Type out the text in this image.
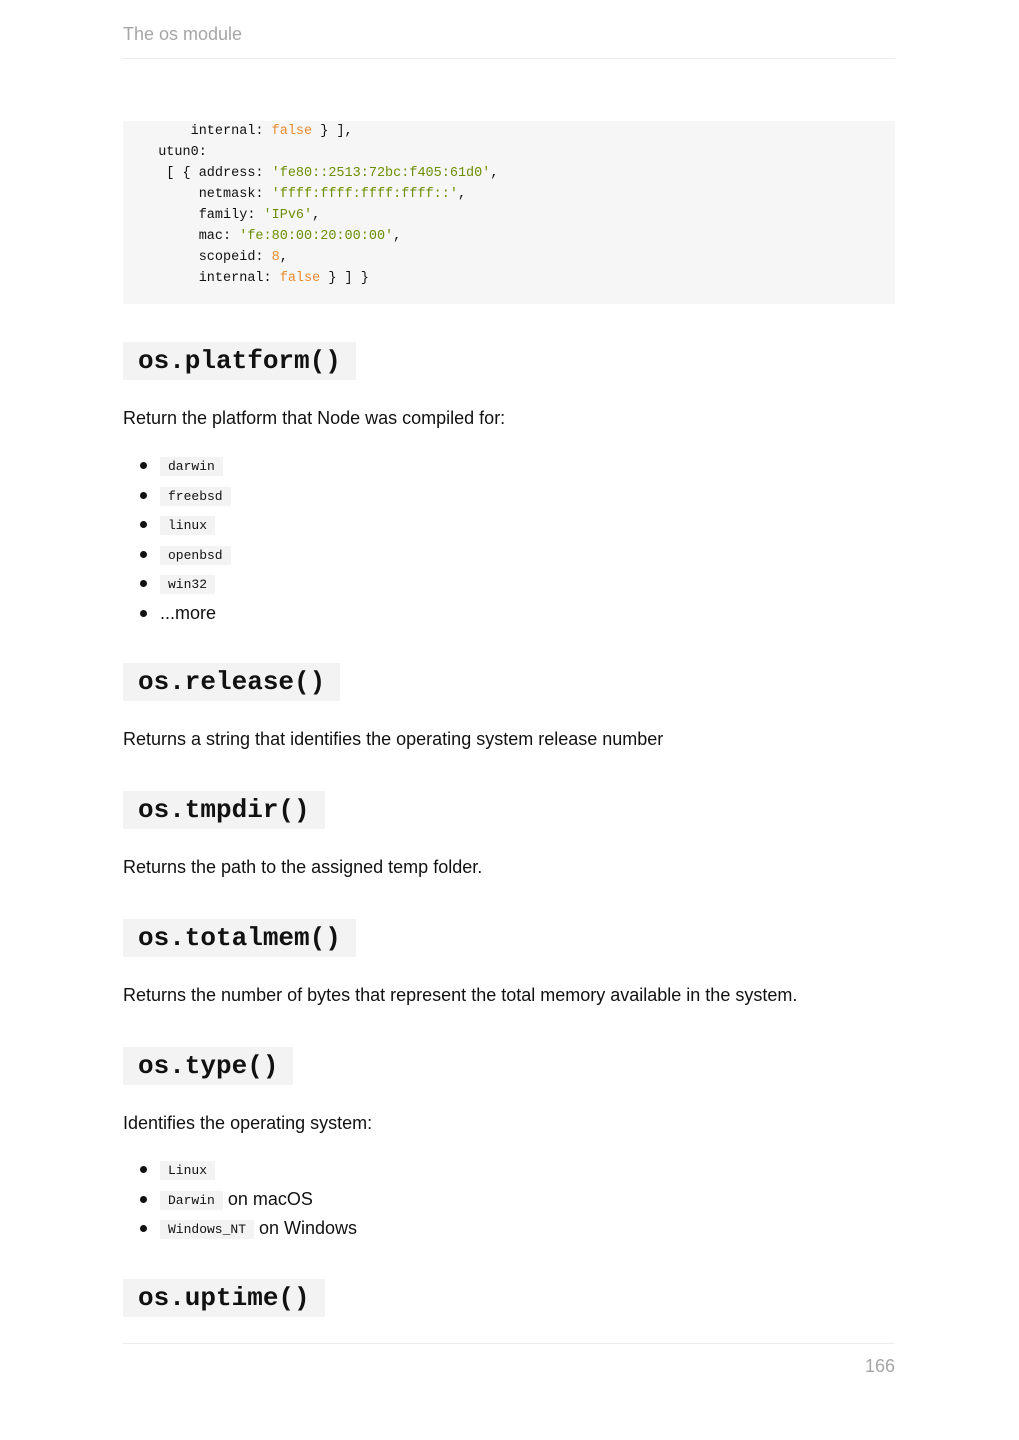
The os module
internal: false } ],
utun0:
[ { address: 'fe80::2513:72bc:f405:61d0',
netmask: 'ffff:ffff:ffff:ffff::',
family: 'IPv6',
mac: 'fe:80:00:20:00:00',
scopeid: 8,
internal: false } ] }
os.platform()
Return the platform that Node was compiled for:
darwin
freebsd
linux
openbsd
win32
...more
os.release()
Returns a string that identifies the operating system release number
os.tmpdir()
Returns the path to the assigned temp folder.
os.totalmem()
Returns the number of bytes that represent the total memory available in the system.
os.type()
Identifies the operating system:
Linux
Darwin on macOS
Windows_NT on Windows
os.uptime()
166
